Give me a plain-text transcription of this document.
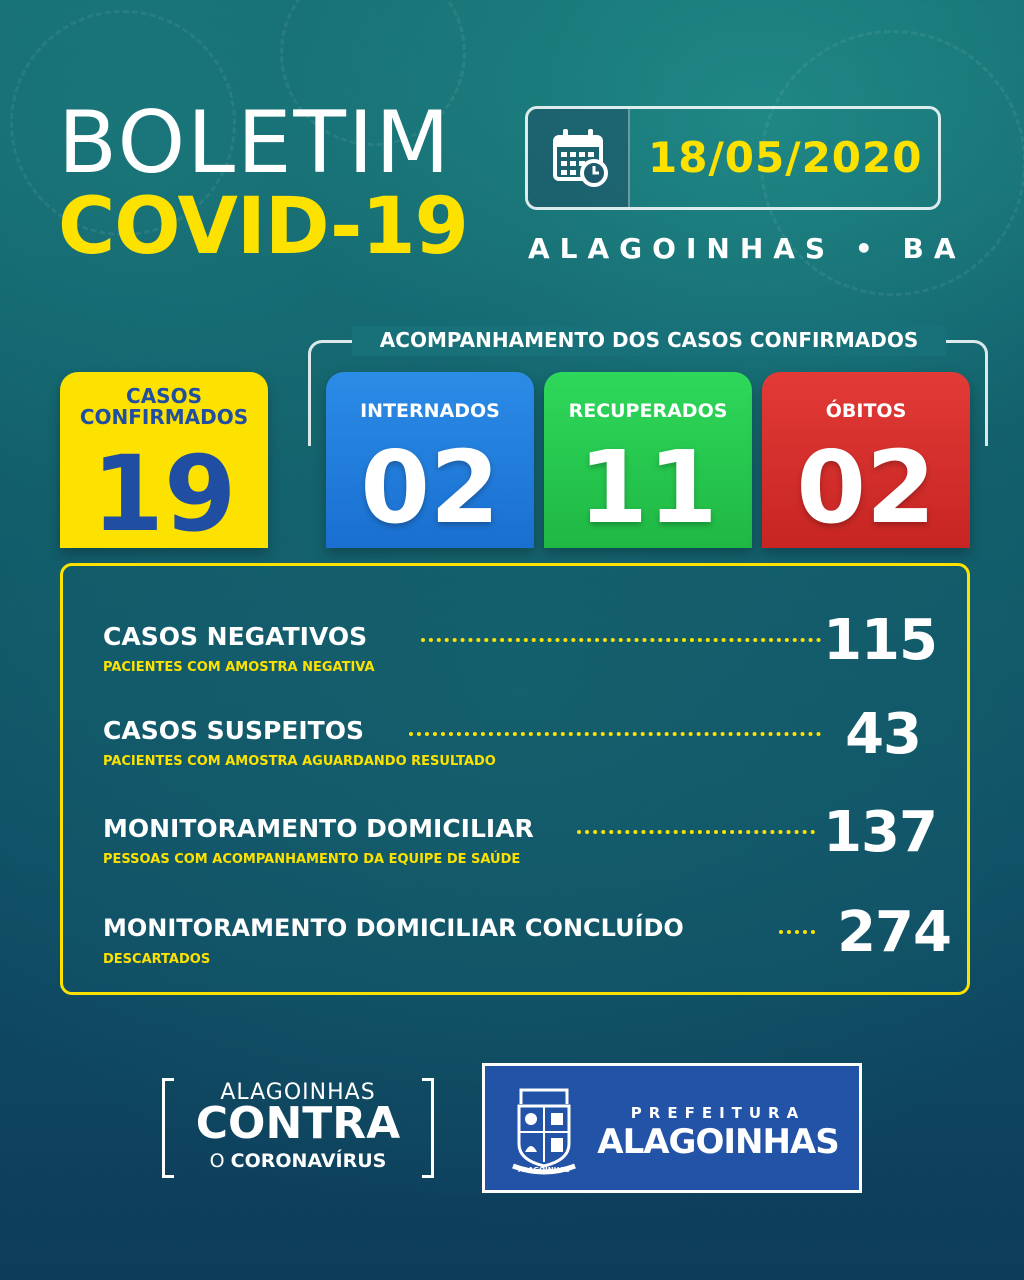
BOLETIM
COVID-19
18/05/2020
ALAGOINHAS • BA
ACOMPANHAMENTO DOS CASOS CONFIRMADOS
CASOS CONFIRMADOS
19
INTERNADOS
02
RECUPERADOS
11
ÓBITOS
02
CASOS NEGATIVOS
PACIENTES COM AMOSTRA NEGATIVA	115
CASOS SUSPEITOS
PACIENTES COM AMOSTRA AGUARDANDO RESULTADO	43
MONITORAMENTO DOMICILIAR
PESSOAS COM ACOMPANHAMENTO DA EQUIPE DE SAÚDE	137
MONITORAMENTO DOMICILIAR CONCLUÍDO
DESCARTADOS	274
ALAGOINHAS
CONTRA
O CORONAVÍRUS	ALAGOINHAS
PREFEITURA
ALAGOINHAS
